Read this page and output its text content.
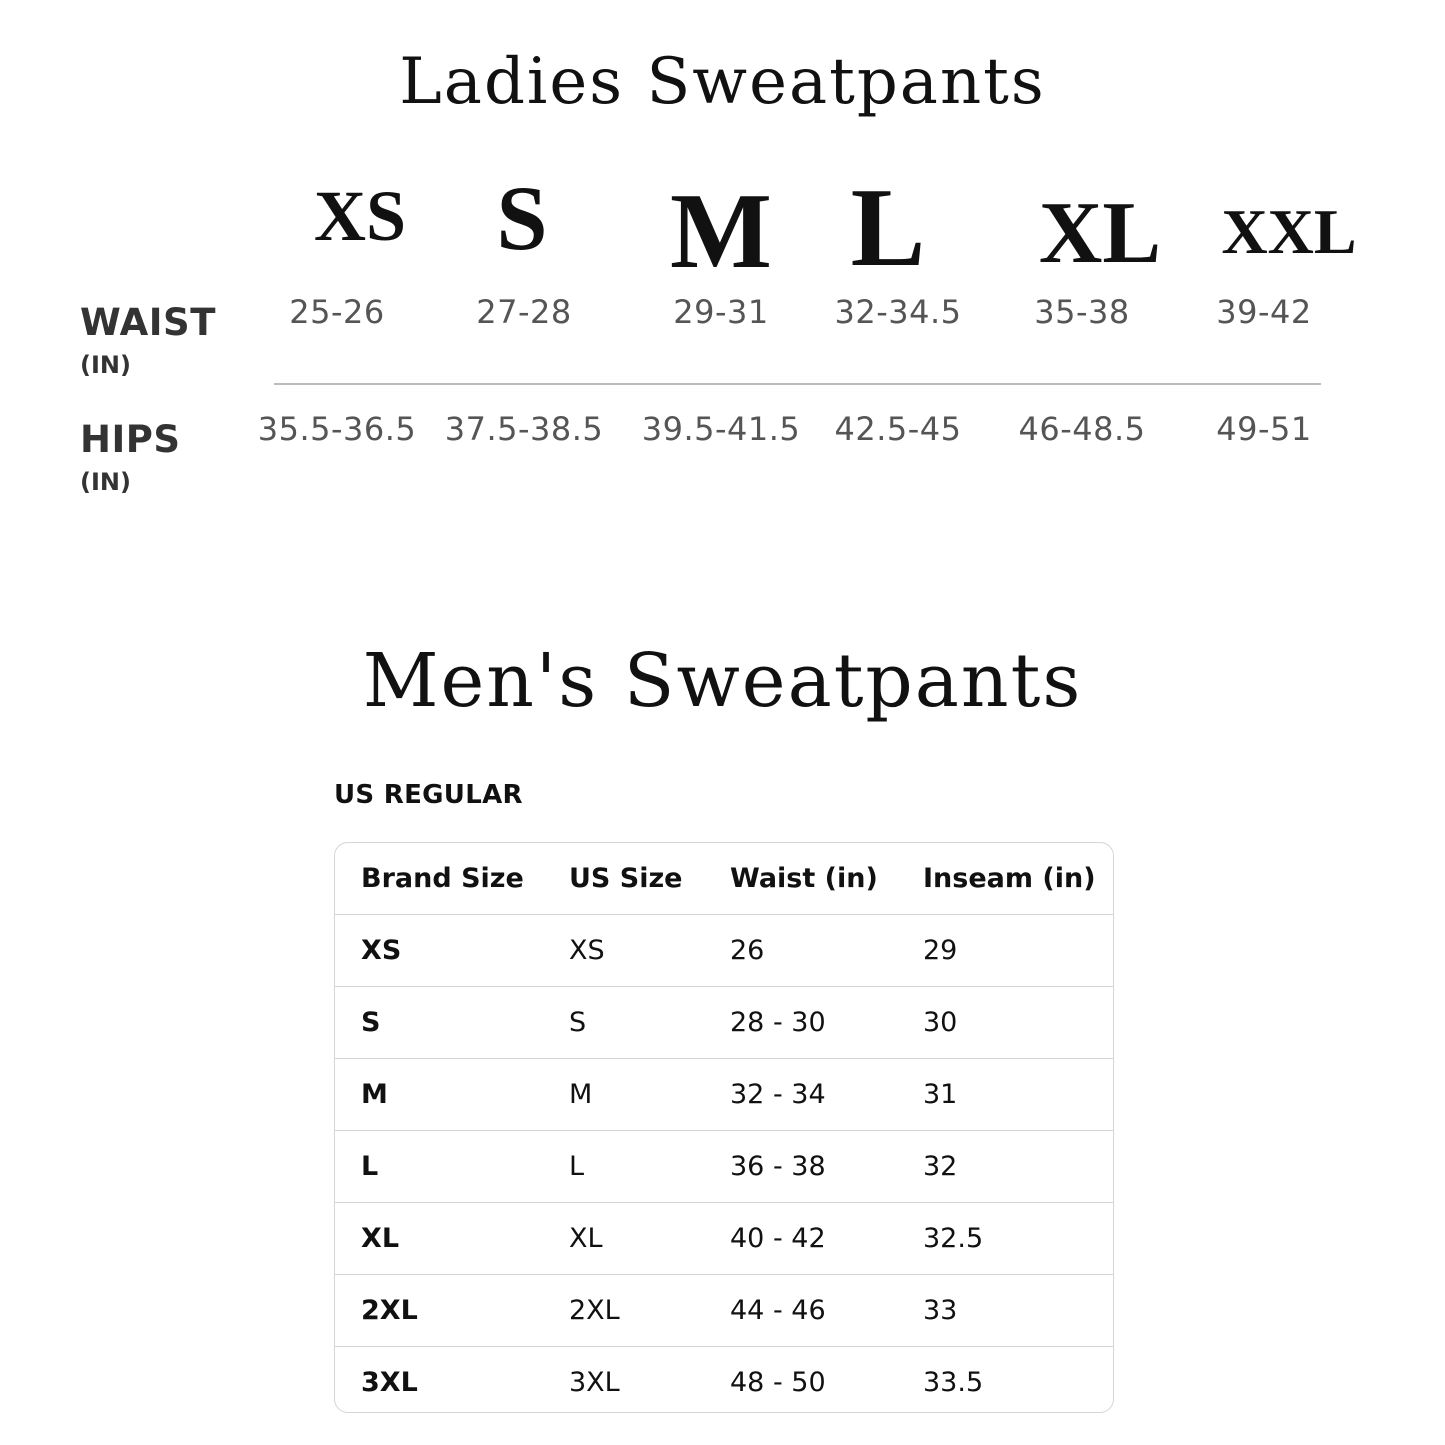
Ladies Sweatpants
XS S M L XL XXL
WAIST
(IN)
25-26	27-28	29-31 32-34.5 35-38	39-42
HIPS
(IN)
35.5-36.5 37.5-38.5 39.5-41.5 42.5-45 46-48.5 49-51
Men's Sweatpants
US REGULAR
Brand Size	US Size	Waist (in)	Inseam (in)
XS	XS	26	29
S	S	28 - 30	30
M	M	32 - 34	31
L	L	36 - 38	32
XL	XL	40 - 42	32.5
2XL	2XL	44 - 46	33
3XL	3XL	48 - 50	33.5
